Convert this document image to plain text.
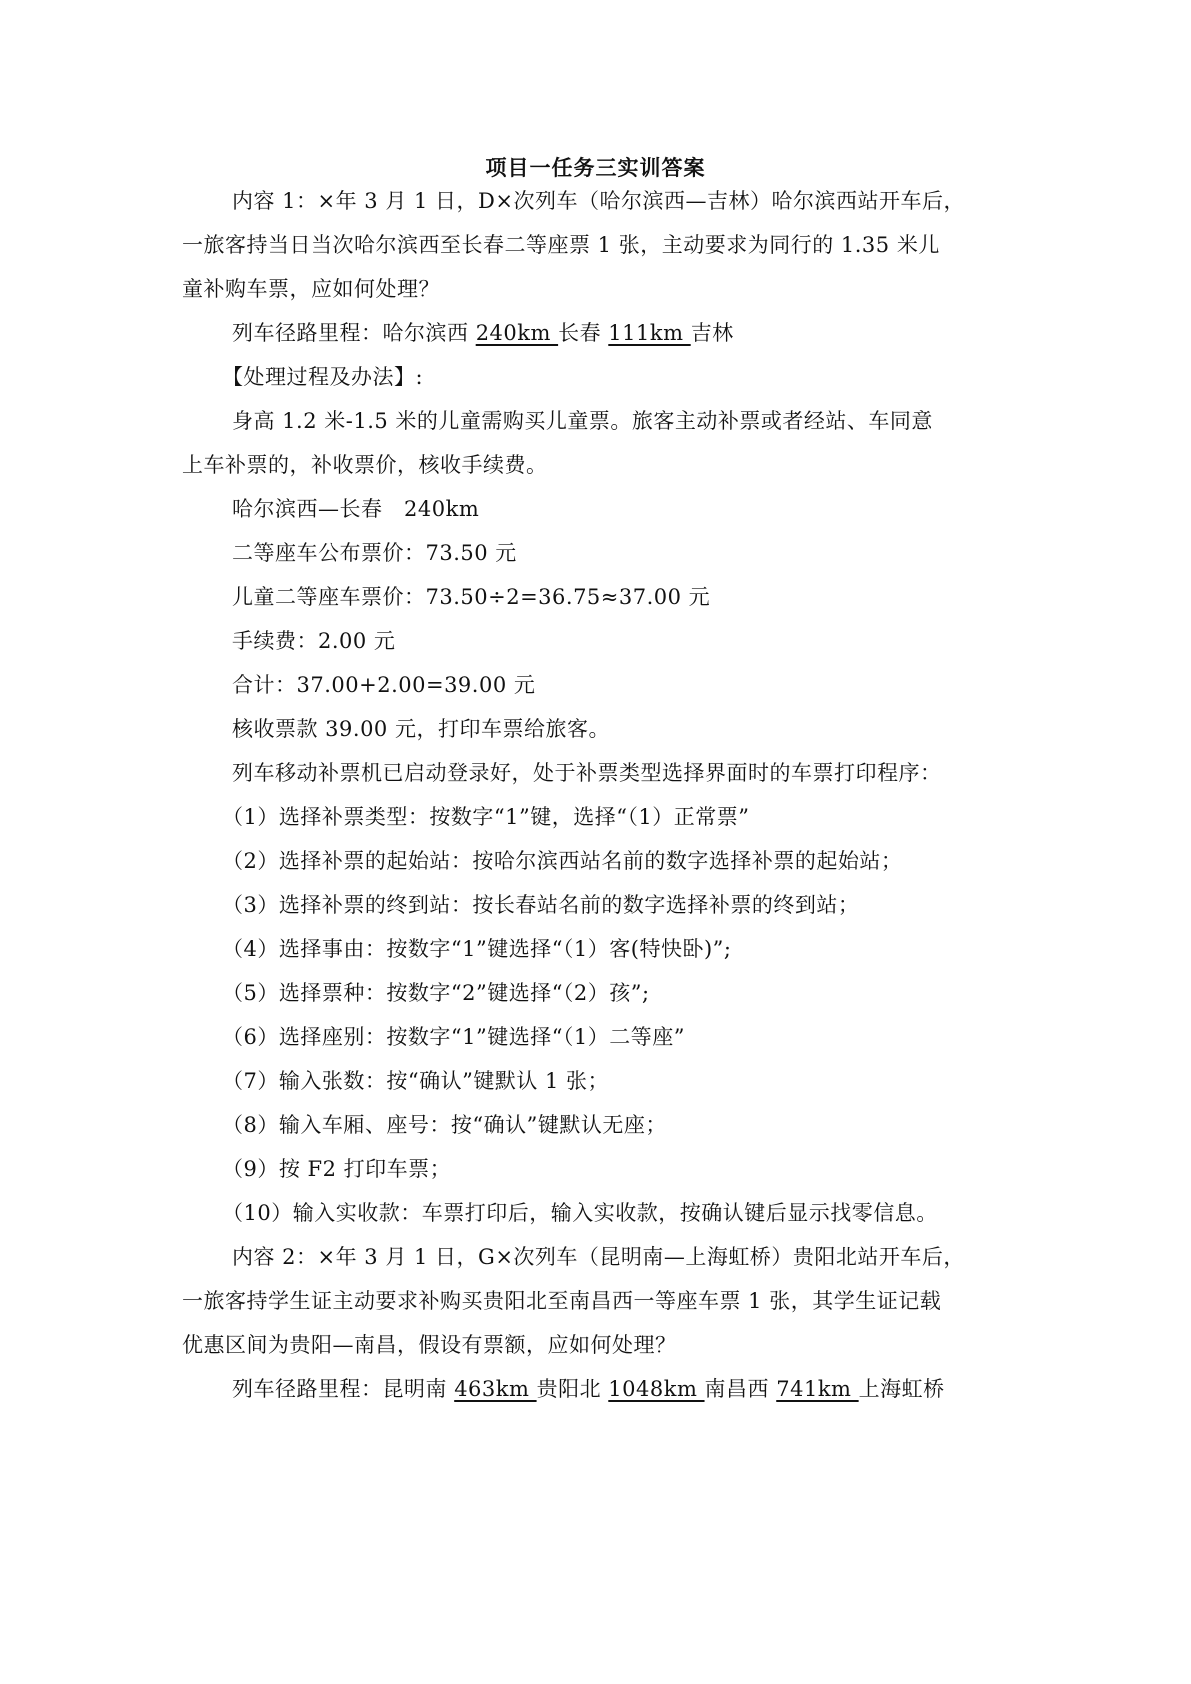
项目一任务三实训答案
内容 1：×年 3 月 1 日，D×次列车（哈尔滨西—吉林）哈尔滨西站开车后，
一旅客持当日当次哈尔滨西至长春二等座票 1 张，主动要求为同行的 1.35 米儿
童补购车票，应如何处理？
列车径路里程：哈尔滨西 240km 长春 111km 吉林
【处理过程及办法】:
身高 1.2 米-1.5 米的儿童需购买儿童票。旅客主动补票或者经站、车同意
上车补票的，补收票价，核收手续费。
哈尔滨西—长春   240km
二等座车公布票价：73.50 元
儿童二等座车票价：73.50÷2=36.75≈37.00 元
手续费：2.00 元
合计：37.00+2.00=39.00 元
核收票款 39.00 元，打印车票给旅客。
列车移动补票机已启动登录好，处于补票类型选择界面时的车票打印程序：
（1）选择补票类型：按数字“1”键，选择“（1）正常票”
（2）选择补票的起始站：按哈尔滨西站名前的数字选择补票的起始站；
（3）选择补票的终到站：按长春站名前的数字选择补票的终到站；
（4）选择事由：按数字“1”键选择“（1）客(特快卧)”;
（5）选择票种：按数字“2”键选择“（2）孩”;
（6）选择座别：按数字“1”键选择“（1）二等座”
（7）输入张数：按“确认”键默认 1 张；
（8）输入车厢、座号：按“确认”键默认无座；
（9）按 F2 打印车票；
（10）输入实收款：车票打印后，输入实收款，按确认键后显示找零信息。
内容 2：×年 3 月 1 日，G×次列车（昆明南—上海虹桥）贵阳北站开车后，
一旅客持学生证主动要求补购买贵阳北至南昌西一等座车票 1 张，其学生证记载
优惠区间为贵阳—南昌，假设有票额，应如何处理？
列车径路里程：昆明南 463km 贵阳北 1048km 南昌西 741km 上海虹桥
